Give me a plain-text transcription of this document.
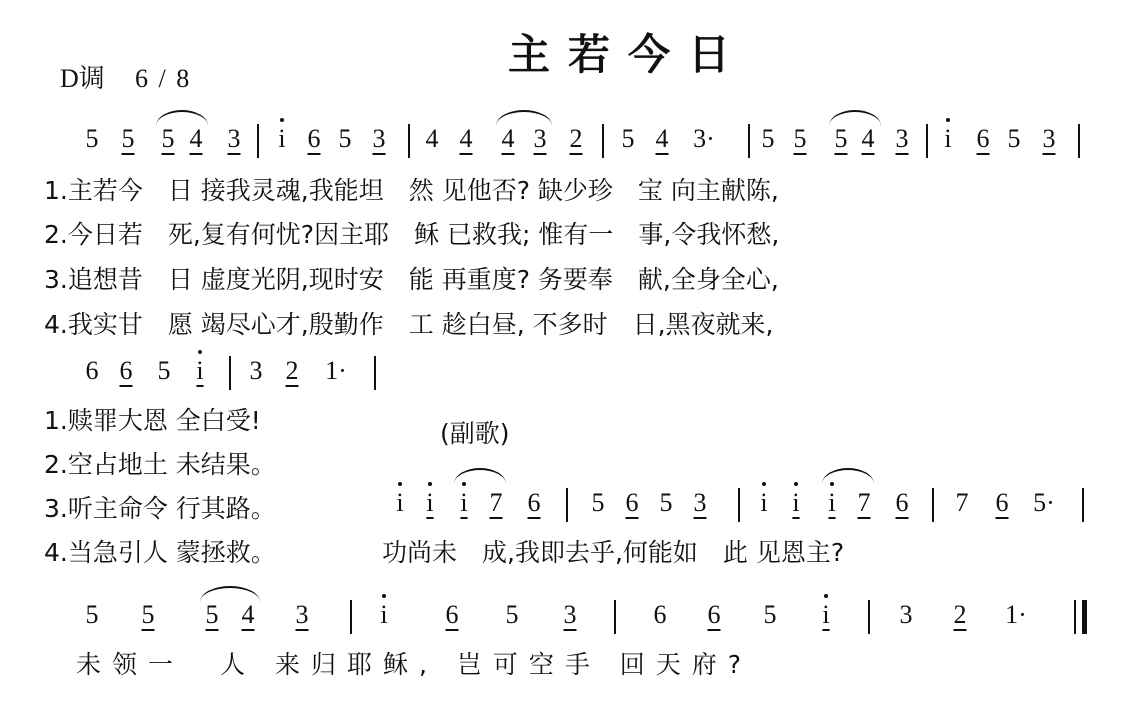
主若今日
D调 6 / 8
5 5 5 4 3 i 6 5 3 4 4 4 3 2 5 4 3· 5 5 5 4 3 i 6 5 3
1.主若今　日 接我灵魂,我能坦　然 见他否? 缺少珍　宝 向主献陈,
2.今日若　死,复有何忧?因主耶　稣 已救我; 惟有一　事,令我怀愁,
3.追想昔　日 虚度光阴,现时安　能 再重度? 务要奉　献,全身全心,
4.我实甘　愿 竭尽心才,殷勤作　工 趁白昼, 不多时　日,黑夜就来,
6 6 5 i 3 2 1·
1.赎罪大恩 全白受!	(副歌)
2.空占地土 未结果。
3.听主命令 行其路。
4.当急引人 蒙拯救。
i i i 7 6 5 6 5 3 i i i 7 6 7 6 5·
功尚未　成,我即去乎,何能如　此 见恩主?
5 5 5 4 3	i 6 5 3	6 6 5 i	3 2 1·
未领一　人 来归耶稣, 岂可空手 回天府?
